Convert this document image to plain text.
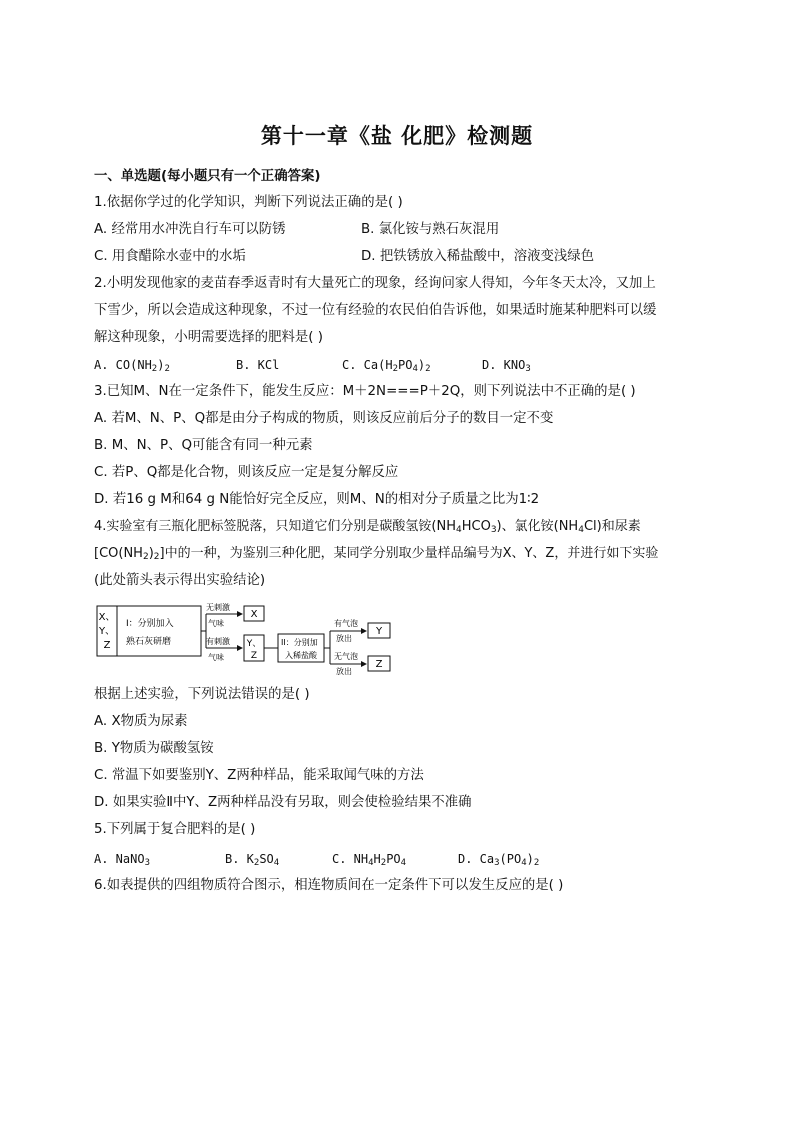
第十一章《盐 化肥》检测题
一、单选题(每小题只有一个正确答案)
1.依据你学过的化学知识，判断下列说法正确的是( )
A. 经常用水冲洗自行车可以防锈	B. 氯化铵与熟石灰混用
C. 用食醋除水壶中的水垢	D. 把铁锈放入稀盐酸中，溶液变浅绿色
2.小明发现他家的麦苗春季返青时有大量死亡的现象，经询问家人得知，今年冬天太冷，又加上
下雪少，所以会造成这种现象，不过一位有经验的农民伯伯告诉他，如果适时施某种肥料可以缓
解这种现象，小明需要选择的肥料是( )
A. $CO(NH_2)_2$	B. KCl	C. $Ca(H_2PO_4)_2$	D. $KNO_3$
3.已知M、N在一定条件下，能发生反应：M＋2N===P＋2Q，则下列说法中不正确的是( )
A. 若M、N、P、Q都是由分子构成的物质，则该反应前后分子的数目一定不变
B. M、N、P、Q可能含有同一种元素
C. 若P、Q都是化合物，则该反应一定是复分解反应
D. 若16 g M和64 g N能恰好完全反应，则M、N的相对分子质量之比为1∶2
4.实验室有三瓶化肥标签脱落，只知道它们分别是碳酸氢铵$(NH_4HCO_3)$、氯化铵$(NH_4Cl)$和尿素
$[CO(NH_2)_2]$中的一种，为鉴别三种化肥，某同学分别取少量样品编号为X、Y、Z，并进行如下实验
(此处箭头表示得出实验结论)
X、
Y、
Z
I：分别加入
熟石灰研磨
无刺激
气味
有刺激
气味
X
Y、
Z
II：分别加
入稀盐酸
有气泡
放出
无气泡
放出
Y
Z
根据上述实验，下列说法错误的是( )
A. X物质为尿素
B. Y物质为碳酸氢铵
C. 常温下如要鉴别Y、Z两种样品，能采取闻气味的方法
D. 如果实验Ⅱ中Y、Z两种样品没有另取，则会使检验结果不准确
5.下列属于复合肥料的是( )
A. NaNO$_3$	B. $K_2SO_4$	C. $NH_4H_2PO_4$	D. $Ca_3(PO_4)_2$
6.如表提供的四组物质符合图示，相连物质间在一定条件下可以发生反应的是( )
